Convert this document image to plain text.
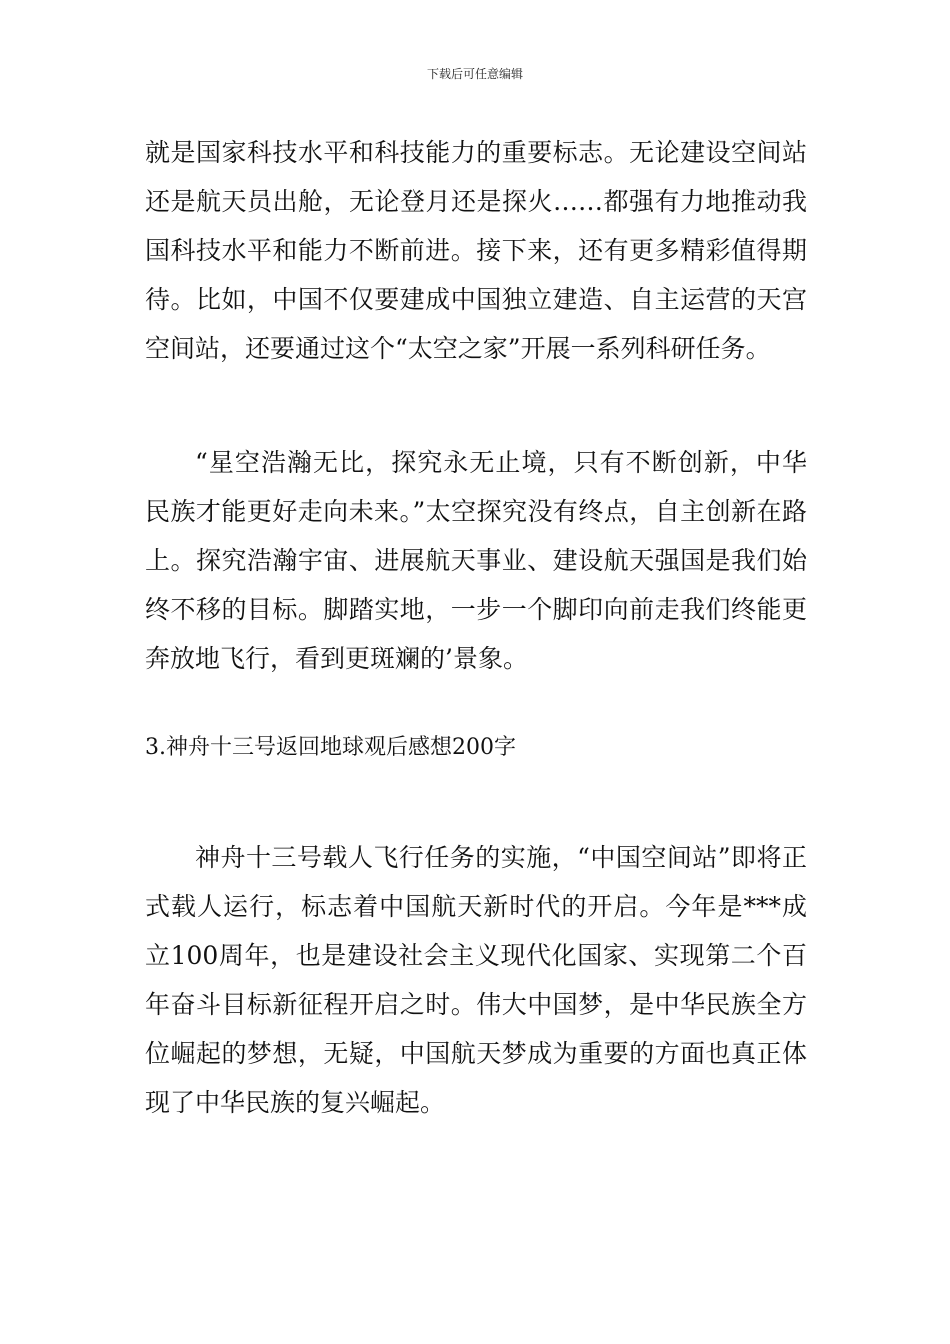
下载后可任意编辑

就是国家科技水平和科技能力的重要标志。无论建设空间站还是航天员出舱，无论登月还是探火……都强有力地推动我国科技水平和能力不断前进。接下来，还有更多精彩值得期待。比如，中国不仅要建成中国独立建造、自主运营的天宫空间站，还要通过这个“太空之家”开展一系列科研任务。

“星空浩瀚无比，探究永无止境，只有不断创新，中华民族才能更好走向未来。”太空探究没有终点，自主创新在路上。探究浩瀚宇宙、进展航天事业、建设航天强国是我们始终不移的目标。脚踏实地，一步一个脚印向前走我们终能更奔放地飞行，看到更斑斓的’景象。

3.神舟十三号返回地球观后感想200字

神舟十三号载人飞行任务的实施，“中国空间站”即将正式载人运行，标志着中国航天新时代的开启。今年是***成立100周年，也是建设社会主义现代化国家、实现第二个百年奋斗目标新征程开启之时。伟大中国梦，是中华民族全方位崛起的梦想，无疑，中国航天梦成为重要的方面也真正体现了中华民族的复兴崛起。
